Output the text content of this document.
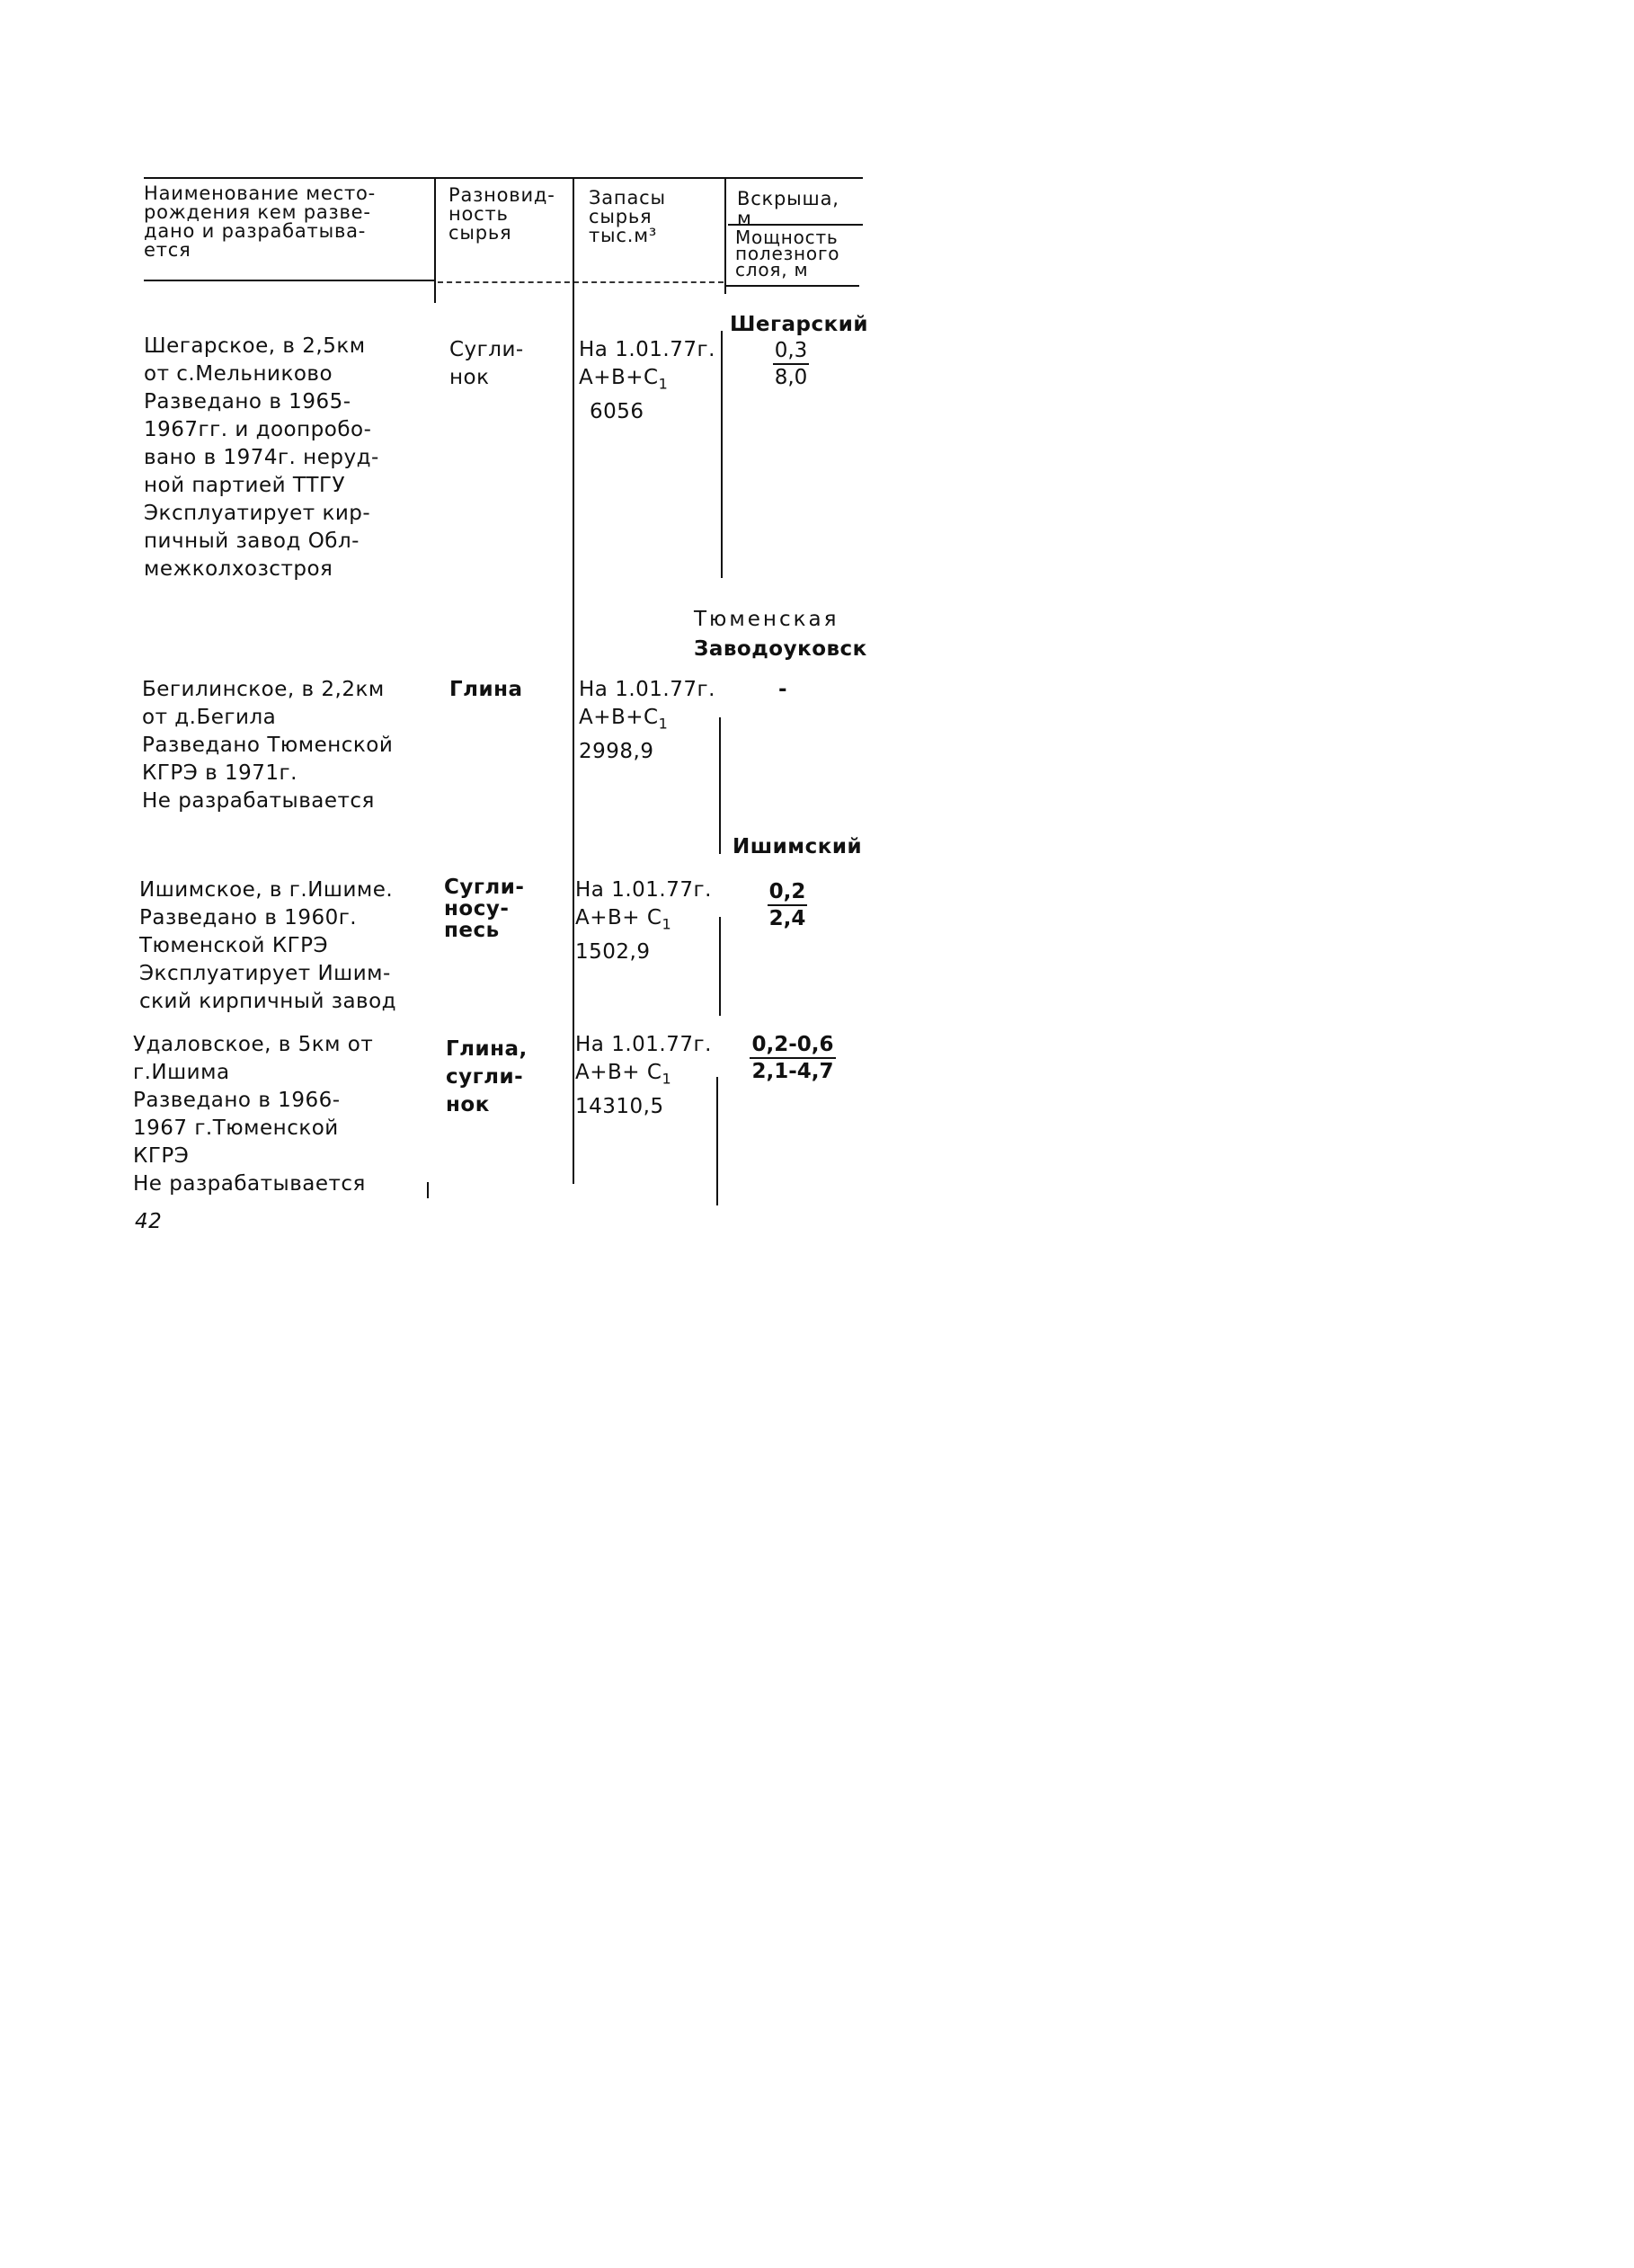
Наименование место-
рождения кем разве-
дано и разрабатыва-
ется
Разновид-
ность
сырья
Запасы
сырья
тыс.м³
Вскрыша,
м
Мощность
полезного
слоя, м
Шегарский
Тюменская
Заводоуковск
Ишимский
Шегарское, в 2,5км
от с.Мельниково
Разведано в 1965-
1967гг. и доопробо-
вано в 1974г. неруд-
ной партией ТТГУ
Эксплуатирует кир-
пичный завод Обл-
межколхозстроя
Сугли-
нок
На 1.01.77г.
$А+В+С_1$
6056
$\frac{0,3}{8,0}$
Бегилинское, в 2,2км
от д.Бегила
Разведано Тюменской
КГРЭ в 1971г.
Не разрабатывается
Глина	На 1.01.77г.
$А+В+С_1$
2998,9
-
Ишимское, в г.Ишиме.
Разведано в 1960г.
Тюменской КГРЭ
Эксплуатирует Ишим-
ский кирпичный завод
Сугли-
носу-
песь
На 1.01.77г.
$А+В+ С_1$
1502,9
$\frac{0,2}{2,4}$
Удаловское, в 5км от
г.Ишима
Разведано в 1966-
1967 г.Тюменской
КГРЭ
Не разрабатывается
Глина,
сугли-
нок
На 1.01.77г.
$А+В+ С_1$
14310,5
$\frac{0,2-0,6}{2,1-4,7}$
42
